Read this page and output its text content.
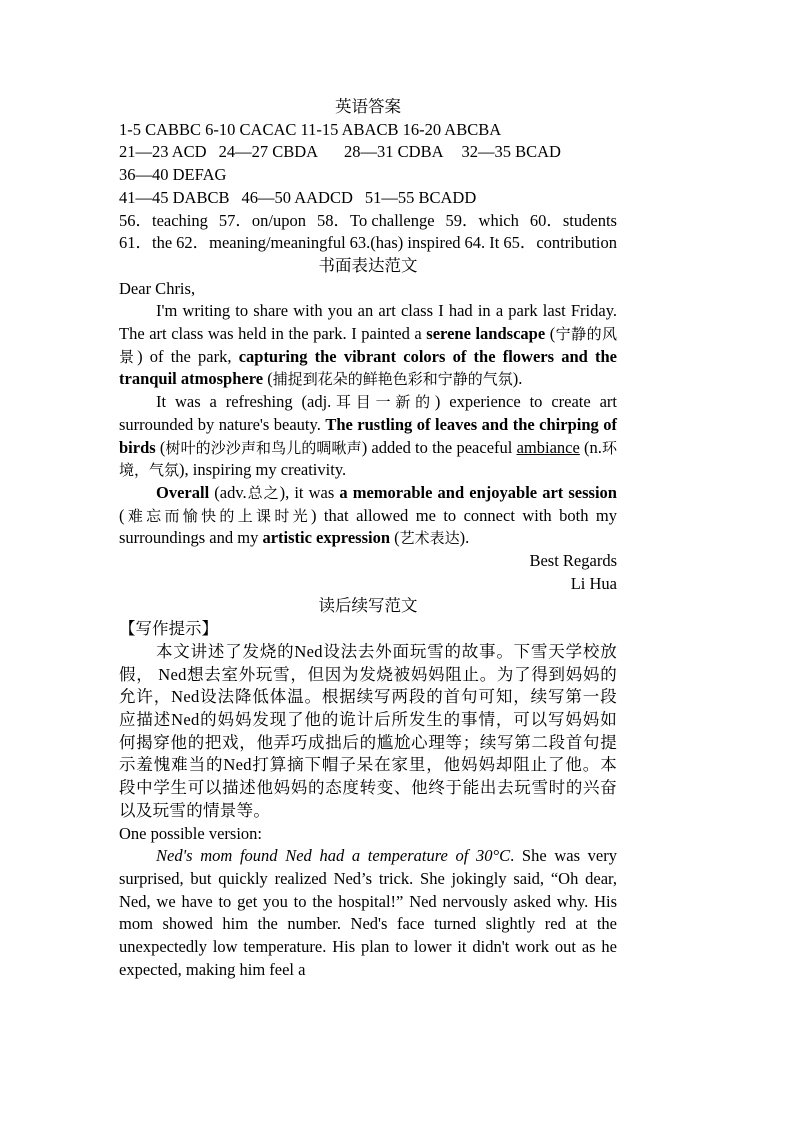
英语答案
1-5 CABBC 6-10 CACAC 11-15 ABACB 16-20 ABCBA
21—23 ACD 24—27 CBDA 28—31 CDBA 32—35 BCAD
36—40 DEFAG
41—45 DABCB 46—50 AADCD 51—55 BCADD
56．teaching 57．on/upon 58．To challenge 59．which 60．students
61．the 62．meaning/meaningful 63.(has) inspired 64. It 65．contribution
书面表达范文
Dear Chris,

I'm writing to share with you an art class I had in a park last Friday. The art class was held in the park. I painted a serene landscape (宁静的风景) of the park, capturing the vibrant colors of the flowers and the tranquil atmosphere (捕捉到花朵的鲜艳色彩和宁静的气氛).

It was a refreshing (adj.耳目一新的) experience to create art surrounded by nature's beauty. The rustling of leaves and the chirping of birds (树叶的沙沙声和鸟儿的啁啾声) added to the peaceful ambiance (n.环境，气氛), inspiring my creativity.

Overall (adv.总之), it was a memorable and enjoyable art session (难忘而愉快的上课时光) that allowed me to connect with both my surroundings and my artistic expression (艺术表达).

Best Regards
Li Hua
读后续写范文
【写作提示】

本文讲述了发烧的Ned设法去外面玩雪的故事。下雪天学校放假， Ned想去室外玩雪，但因为发烧被妈妈阻止。为了得到妈妈的允许，Ned设法降低体温。根据续写两段的首句可知，续写第一段应描述Ned的妈妈发现了他的诡计后所发生的事情，可以写妈妈如何揭穿他的把戏，他弄巧成拙后的尴尬心理等；续写第二段首句提示羞愧难当的Ned打算摘下帽子呆在家里，他妈妈却阻止了他。本段中学生可以描述他妈妈的态度转变、他终于能出去玩雪时的兴奋以及玩雪的情景等。

One possible version:

Ned's mom found Ned had a temperature of 30°C. She was very surprised, but quickly realized Ned’s trick. She jokingly said, “Oh dear, Ned, we have to get you to the hospital!” Ned nervously asked why. His mom showed him the number. Ned's face turned slightly red at the unexpectedly low temperature. His plan to lower it didn't work out as he expected, making him feel a
